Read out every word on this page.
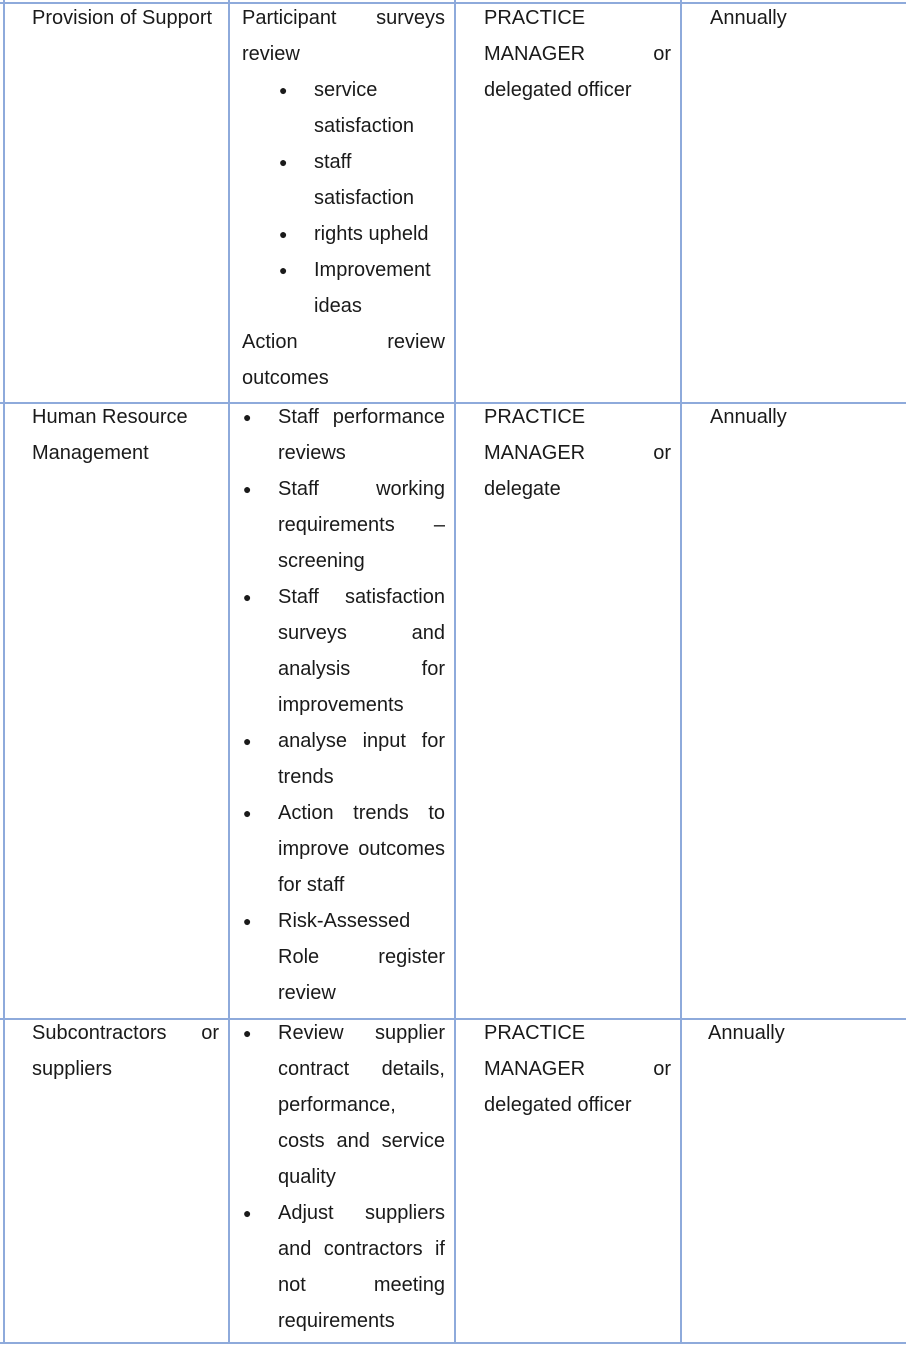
Provision of Support	Participant surveys
review
● service satisfaction
● staff satisfaction
● rights upheld
● Improvement ideas
Action review
outcomes
PRACTICE MANAGER or
delegated officer
Annually
Human Resource
Management
● Staff performance reviews
● Staff working requirements – screening
● Staff satisfaction surveys and analysis for improvements
● analyse input for trends
● Action trends to improve outcomes for staff
● Risk-Assessed Role register review
PRACTICE MANAGER or
delegate
Annually
Subcontractors or
suppliers
● Review supplier contract details, performance, costs and service quality
● Adjust suppliers and contractors if not meeting requirements
PRACTICE MANAGER or
delegated officer
Annually
